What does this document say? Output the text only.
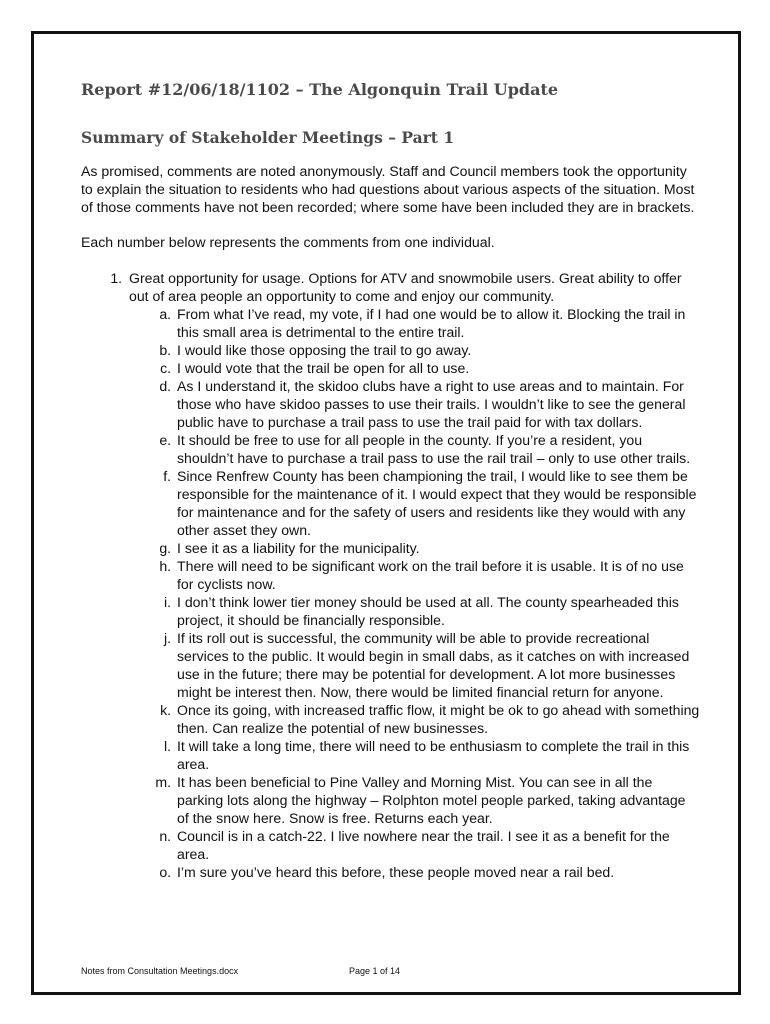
Report #12/06/18/1102 – The Algonquin Trail Update
Summary of Stakeholder Meetings – Part 1

As promised, comments are noted anonymously. Staff and Council members took the opportunity to explain the situation to residents who had questions about various aspects of the situation. Most of those comments have not been recorded; where some have been included they are in brackets.

Each number below represents the comments from one individual.

1. Great opportunity for usage. Options for ATV and snowmobile users. Great ability to offer out of area people an opportunity to come and enjoy our community.
a. From what I’ve read, my vote, if I had one would be to allow it. Blocking the trail in this small area is detrimental to the entire trail.
b. I would like those opposing the trail to go away.
c. I would vote that the trail be open for all to use.
d. As I understand it, the skidoo clubs have a right to use areas and to maintain. For those who have skidoo passes to use their trails. I wouldn’t like to see the general public have to purchase a trail pass to use the trail paid for with tax dollars.
e. It should be free to use for all people in the county. If you’re a resident, you shouldn’t have to purchase a trail pass to use the rail trail – only to use other trails.
f. Since Renfrew County has been championing the trail, I would like to see them be responsible for the maintenance of it. I would expect that they would be responsible for maintenance and for the safety of users and residents like they would with any other asset they own.
g. I see it as a liability for the municipality.
h. There will need to be significant work on the trail before it is usable. It is of no use for cyclists now.
i. I don’t think lower tier money should be used at all. The county spearheaded this project, it should be financially responsible.
j. If its roll out is successful, the community will be able to provide recreational services to the public. It would begin in small dabs, as it catches on with increased use in the future; there may be potential for development. A lot more businesses might be interest then. Now, there would be limited financial return for anyone.
k. Once its going, with increased traffic flow, it might be ok to go ahead with something then. Can realize the potential of new businesses.
l. It will take a long time, there will need to be enthusiasm to complete the trail in this area.
m. It has been beneficial to Pine Valley and Morning Mist. You can see in all the parking lots along the highway – Rolphton motel people parked, taking advantage of the snow here. Snow is free. Returns each year.
n. Council is in a catch-22. I live nowhere near the trail. I see it as a benefit for the area.
o. I’m sure you’ve heard this before, these people moved near a rail bed.
Notes from Consultation Meetings.docx	Page 1 of 14
